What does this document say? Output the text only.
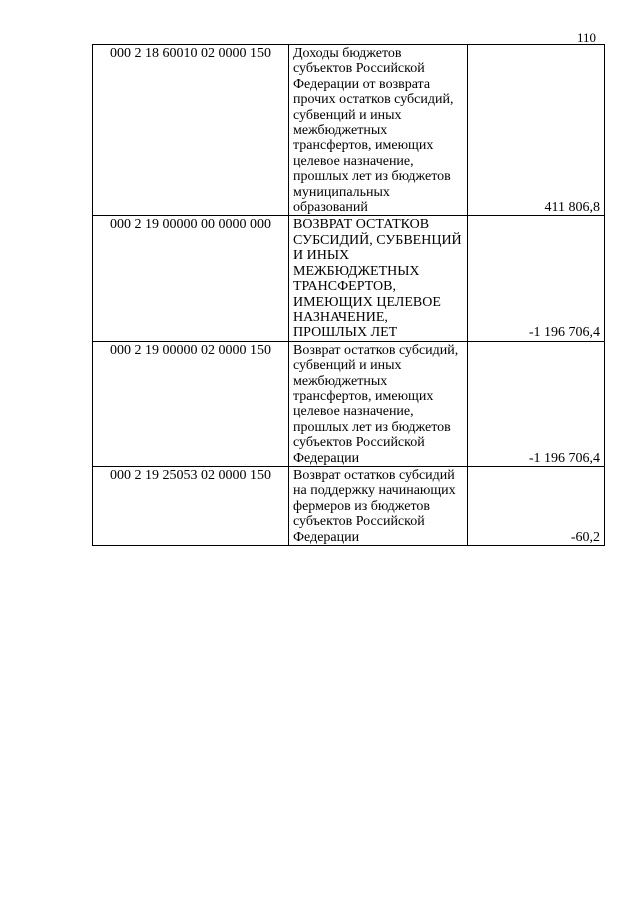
110
000 2 18 60010 02 0000 150	Доходы бюджетов субъектов Российской Федерации от возврата прочих остатков субсидий, субвенций и иных межбюджетных трансфертов, имеющих целевое назначение, прошлых лет из бюджетов муниципальных образований	411 806,8
000 2 19 00000 00 0000 000	ВОЗВРАТ ОСТАТКОВ СУБСИДИЙ, СУБВЕНЦИЙ И ИНЫХ МЕЖБЮДЖЕТНЫХ ТРАНСФЕРТОВ, ИМЕЮЩИХ ЦЕЛЕВОЕ НАЗНАЧЕНИЕ, ПРОШЛЫХ ЛЕТ	-1 196 706,4
000 2 19 00000 02 0000 150	Возврат остатков субсидий, субвенций и иных межбюджетных трансфертов, имеющих целевое назначение, прошлых лет из бюджетов субъектов Российской Федерации	-1 196 706,4
000 2 19 25053 02 0000 150	Возврат остатков субсидий на поддержку начинающих фермеров из бюджетов субъектов Российской Федерации	-60,2
